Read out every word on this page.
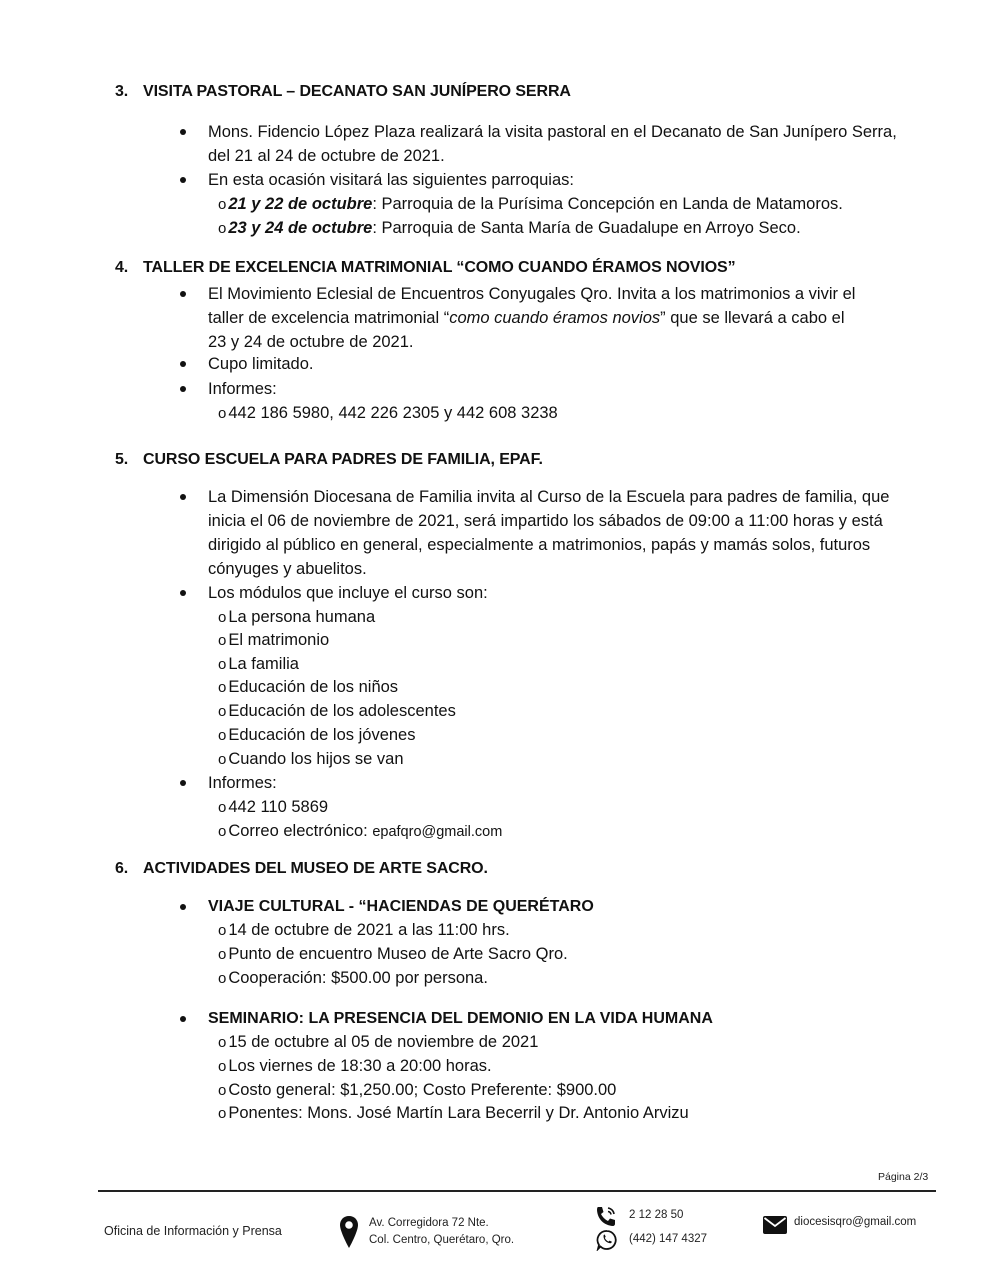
3. VISITA PASTORAL – DECANATO SAN JUNÍPERO SERRA
Mons. Fidencio López Plaza realizará la visita pastoral en el Decanato de San Junípero Serra,
del 21 al 24 de octubre de 2021.
En esta ocasión visitará las siguientes parroquias:
o 21 y 22 de octubre: Parroquia de la Purísima Concepción en Landa de Matamoros.
o 23 y 24 de octubre: Parroquia de Santa María de Guadalupe en Arroyo Seco.
4. TALLER DE EXCELENCIA MATRIMONIAL “COMO CUANDO ÉRAMOS NOVIOS”
El Movimiento Eclesial de Encuentros Conyugales Qro. Invita a los matrimonios a vivir el
taller de excelencia matrimonial “como cuando éramos novios” que se llevará a cabo el
23 y 24 de octubre de 2021.
Cupo limitado.
Informes:
o 442 186 5980, 442 226 2305 y 442 608 3238
5. CURSO ESCUELA PARA PADRES DE FAMILIA, EPAF.
La Dimensión Diocesana de Familia invita al Curso de la Escuela para padres de familia, que
inicia el 06 de noviembre de 2021, será impartido los sábados de 09:00 a 11:00 horas y está
dirigido al público en general, especialmente a matrimonios, papás y mamás solos, futuros
cónyuges y abuelitos.
Los módulos que incluye el curso son:
o La persona humana
o El matrimonio
o La familia
o Educación de los niños
o Educación de los adolescentes
o Educación de los jóvenes
o Cuando los hijos se van
Informes:
o 442 110 5869
o Correo electrónico: epafqro@gmail.com
6. ACTIVIDADES DEL MUSEO DE ARTE SACRO.
VIAJE CULTURAL - “HACIENDAS DE QUERÉTARO
o 14 de octubre de 2021 a las 11:00 hrs.
o Punto de encuentro Museo de Arte Sacro Qro.
o Cooperación: $500.00 por persona.
SEMINARIO: LA PRESENCIA DEL DEMONIO EN LA VIDA HUMANA
o 15 de octubre al 05 de noviembre de 2021
o Los viernes de 18:30 a 20:00 horas.
o Costo general: $1,250.00; Costo Preferente: $900.00
o Ponentes: Mons. José Martín Lara Becerril y Dr. Antonio Arvizu
Página 2/3
Oficina de Información y Prensa
Av. Corregidora 72 Nte.
Col. Centro, Querétaro, Qro.
2 12 28 50
(442) 147 4327
diocesisqro@gmail.com
